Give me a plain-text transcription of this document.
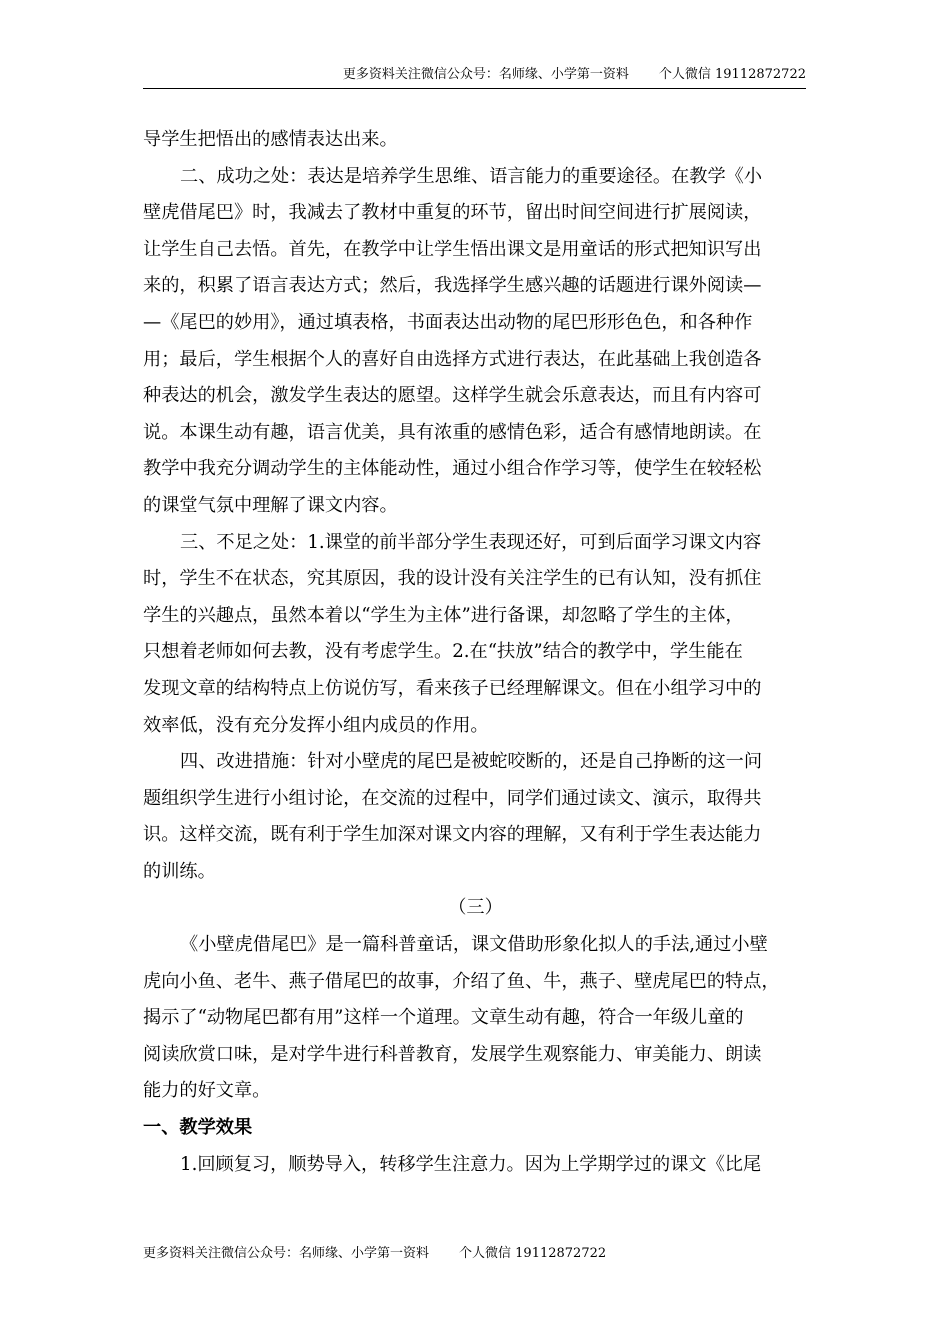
更多资料关注微信公众号：名师缘、小学第一资料 个人微信 19112872722
导学生把悟出的感情表达出来。
二、成功之处：表达是培养学生思维、语言能力的重要途径。在教学《小
壁虎借尾巴》时，我减去了教材中重复的环节，留出时间空间进行扩展阅读，
让学生自己去悟。首先，在教学中让学生悟出课文是用童话的形式把知识写出
来的，积累了语言表达方式；然后，我选择学生感兴趣的话题进行课外阅读—
—《尾巴的妙用》，通过填表格，书面表达出动物的尾巴形形色色，和各种作
用；最后，学生根据个人的喜好自由选择方式进行表达，在此基础上我创造各
种表达的机会，激发学生表达的愿望。这样学生就会乐意表达，而且有内容可
说。本课生动有趣，语言优美，具有浓重的感情色彩，适合有感情地朗读。在
教学中我充分调动学生的主体能动性，通过小组合作学习等，使学生在较轻松
的课堂气氛中理解了课文内容。
三、不足之处：1.课堂的前半部分学生表现还好，可到后面学习课文内容
时，学生不在状态，究其原因，我的设计没有关注学生的已有认知，没有抓住
学生的兴趣点，虽然本着以“学生为主体”进行备课，却忽略了学生的主体，
只想着老师如何去教，没有考虑学生。2.在“扶放”结合的教学中，学生能在
发现文章的结构特点上仿说仿写，看来孩子已经理解课文。但在小组学习中的
效率低，没有充分发挥小组内成员的作用。
四、改进措施：针对小壁虎的尾巴是被蛇咬断的，还是自己挣断的这一问
题组织学生进行小组讨论，在交流的过程中，同学们通过读文、演示，取得共
识。这样交流，既有利于学生加深对课文内容的理解，又有利于学生表达能力
的训练。
（三）
《小壁虎借尾巴》是一篇科普童话，课文借助形象化拟人的手法,通过小壁
虎向小鱼、老牛、燕子借尾巴的故事，介绍了鱼、牛，燕子、壁虎尾巴的特点，
揭示了“动物尾巴都有用”这样一个道理。文章生动有趣，符合一年级儿童的
阅读欣赏口味，是对学牛进行科普教育，发展学生观察能力、审美能力、朗读
能力的好文章。
一、教学效果
1.回顾复习，顺势导入，转移学生注意力。因为上学期学过的课文《比尾
更多资料关注微信公众号：名师缘、小学第一资料 个人微信 19112872722
